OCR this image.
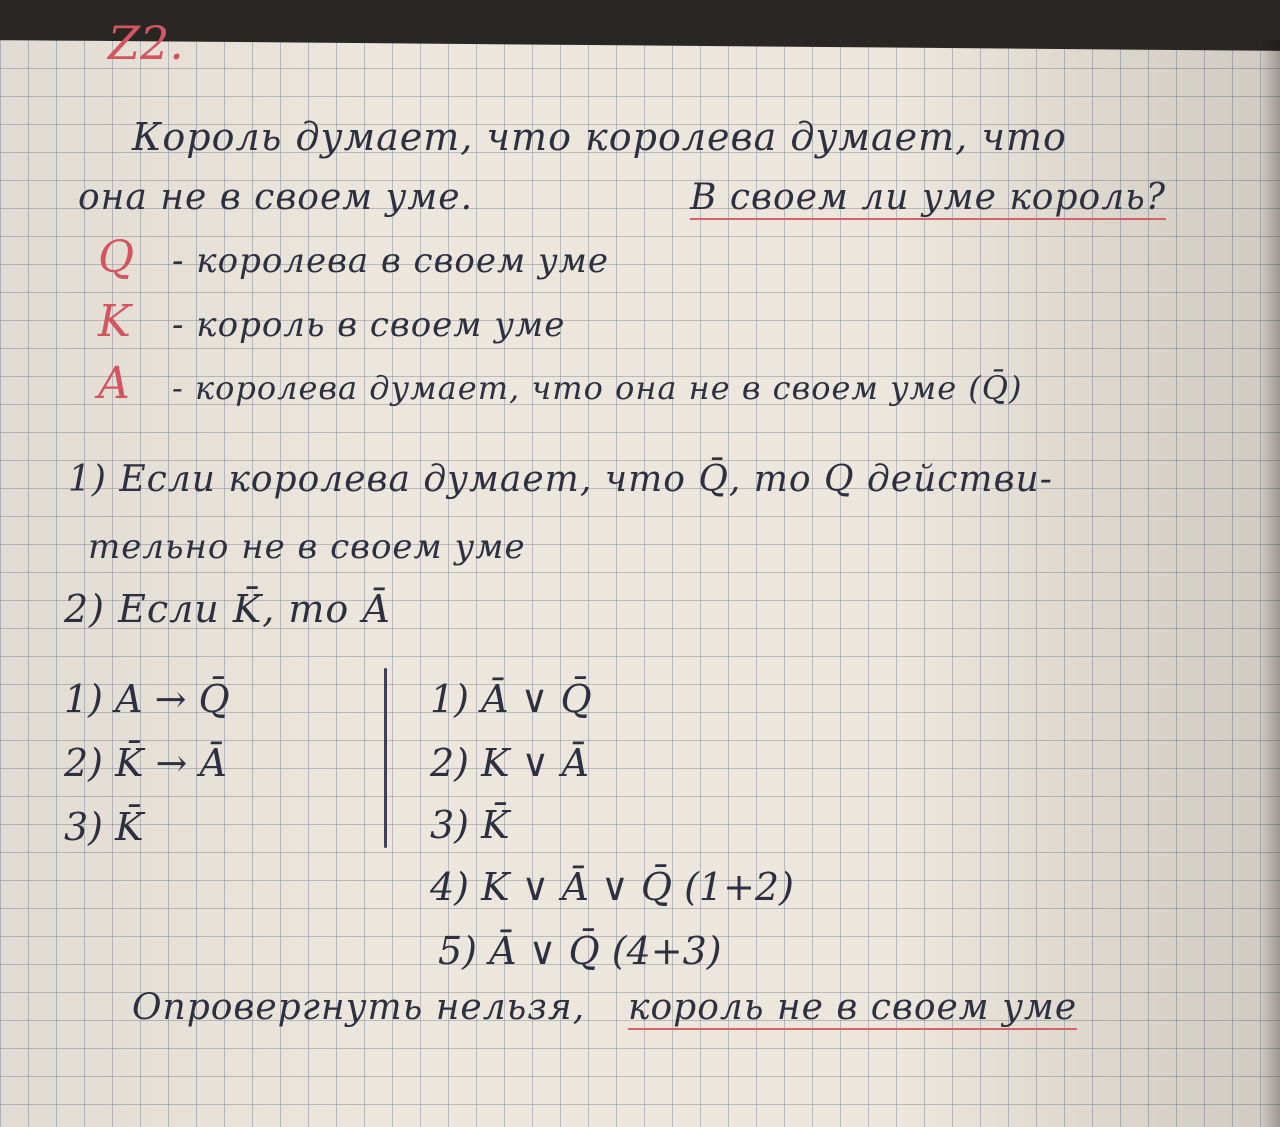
Z2.
Король думает, что королева думает, что
она не в своем уме.	В своем ли уме король?
Q - королева в своем уме
K - король в своем уме
A - королева думает, что она не в своем уме (Q̄)
1) Если королева думает, что Q̄, то Q действи-
тельно не в своем уме
2) Если K̄, то Ā
1) A → Q̄
2) K̄ → Ā
3) K̄
1) Ā ∨ Q̄
2) K ∨ Ā
3) K̄
4) K ∨ Ā ∨ Q̄ (1+2)
5) Ā ∨ Q̄ (4+3)
Опровергнуть нельзя, король не в своем уме
